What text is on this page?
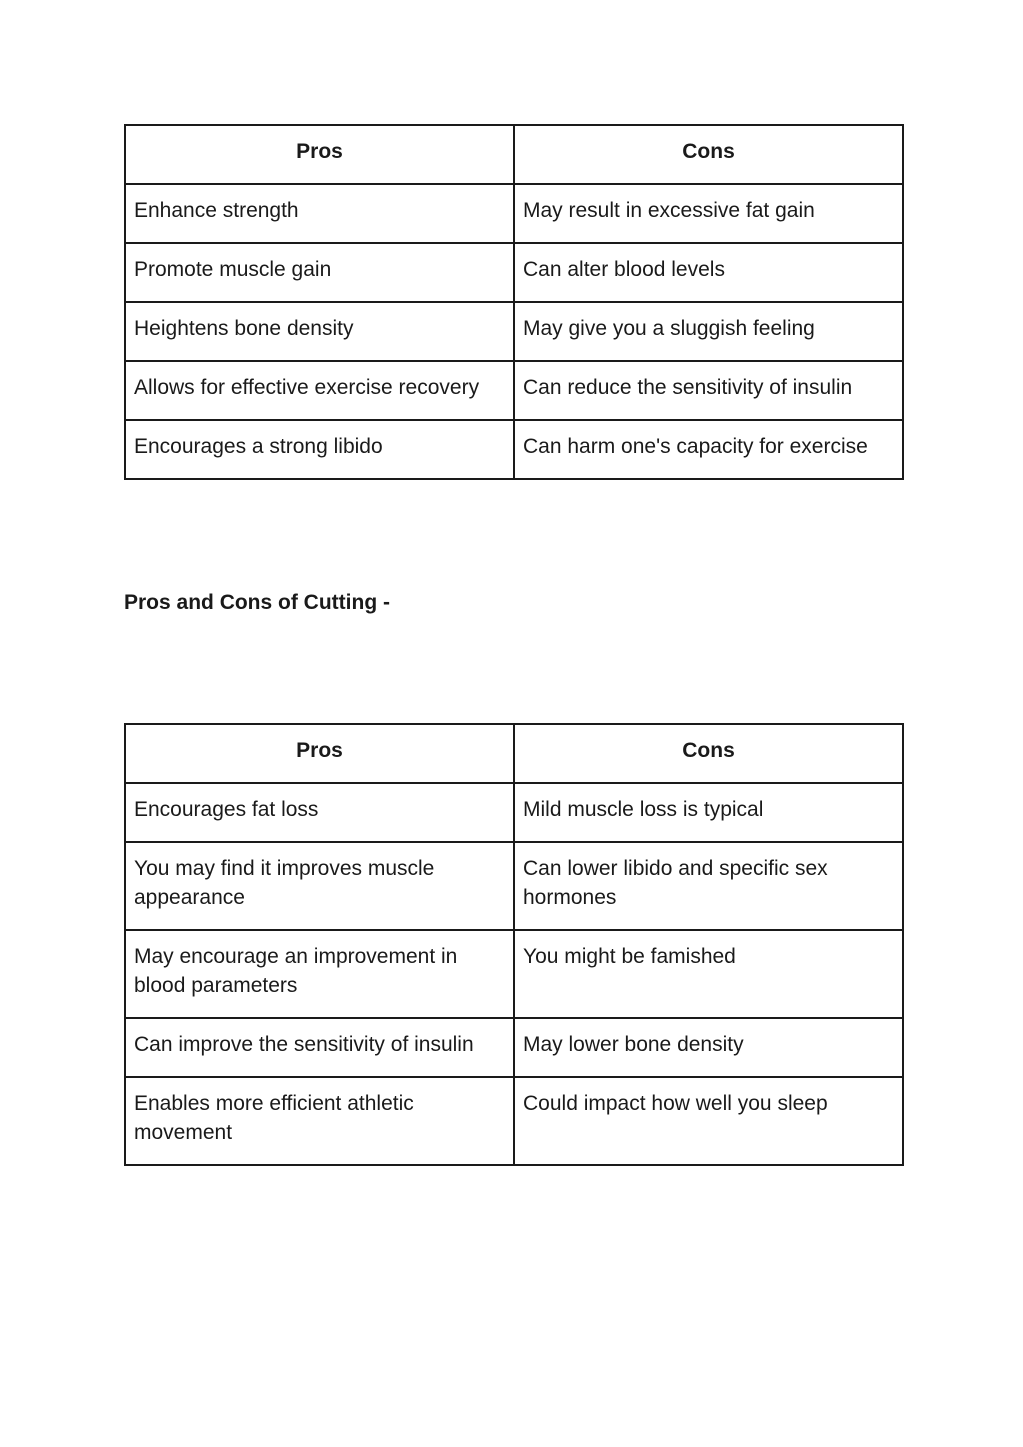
Pros	Cons
Enhance strength	May result in excessive fat gain
Promote muscle gain	Can alter blood levels
Heightens bone density	May give you a sluggish feeling
Allows for effective exercise recovery	Can reduce the sensitivity of insulin
Encourages a strong libido	Can harm one's capacity for exercise
Pros and Cons of Cutting -
Pros	Cons
Encourages fat loss	Mild muscle loss is typical
You may find it improves muscle appearance	Can lower libido and specific sex hormones
May encourage an improvement in blood parameters	You might be famished
Can improve the sensitivity of insulin	May lower bone density
Enables more efficient athletic movement	Could impact how well you sleep
